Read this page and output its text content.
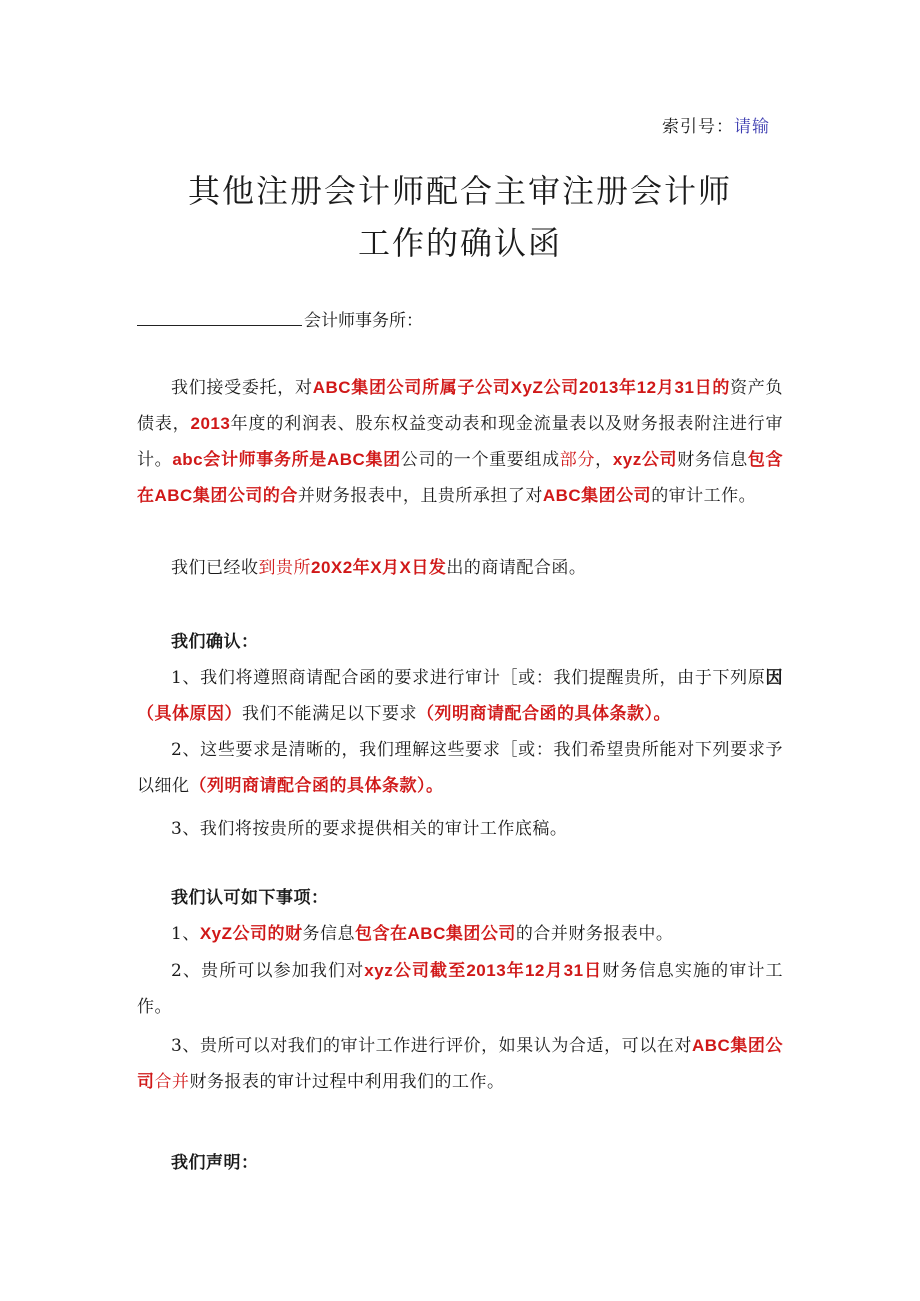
索引号：请输
其他注册会计师配合主审注册会计师
工作的确认函
会计师事务所：

我们接受委托，对ABC集团公司所属子公司XyZ公司2013年12月31日的资产负债表，2013年度的利润表、股东权益变动表和现金流量表以及财务报表附注进行审计。abc会计师事务所是ABC集团公司的一个重要组成部分，xyz公司财务信息包含在ABC集团公司的合并财务报表中，且贵所承担了对ABC集团公司的审计工作。

我们已经收到贵所20X2年X月X日发出的商请配合函。

我们确认：

1、我们将遵照商请配合函的要求进行审计［或：我们提醒贵所，由于下列原因（具体原因）我们不能满足以下要求（列明商请配合函的具体条款）。

2、这些要求是清晰的，我们理解这些要求［或：我们希望贵所能对下列要求予以细化（列明商请配合函的具体条款）。

3、我们将按贵所的要求提供相关的审计工作底稿。

我们认可如下事项：

1、XyZ公司的财务信息包含在ABC集团公司的合并财务报表中。

2、贵所可以参加我们对xyz公司截至2013年12月31日财务信息实施的审计工作。

3、贵所可以对我们的审计工作进行评价，如果认为合适，可以在对ABC集团公司合并财务报表的审计过程中利用我们的工作。

我们声明：
